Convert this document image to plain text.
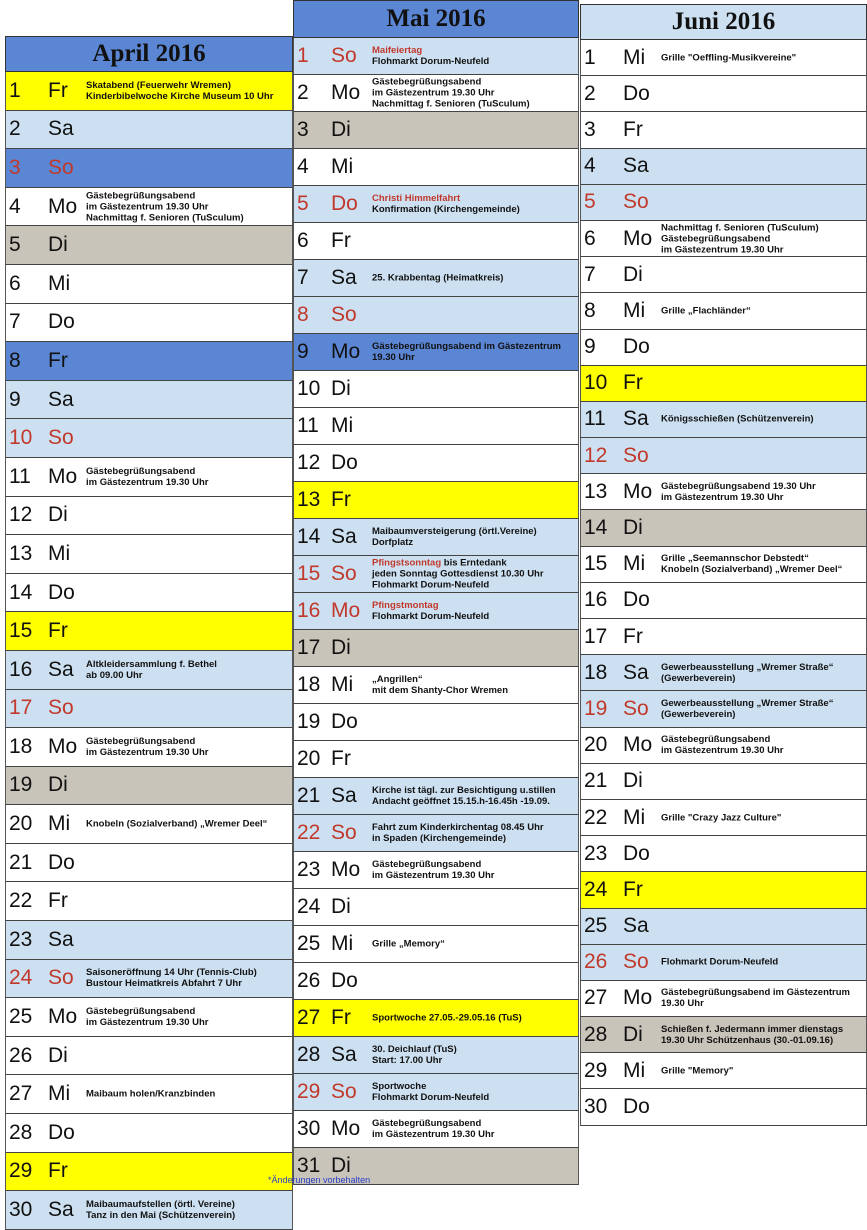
April 2016
1 Fr Skatabend (Feuerwehr Wremen)
Kinderbibelwoche Kirche Museum 10 Uhr
2 Sa
3 So
4 Mo Gästebegrüßungsabend
im Gästezentrum 19.30 Uhr
Nachmittag f. Senioren (TuSculum)
5 Di
6 Mi
7 Do
8 Fr
9 Sa
10 So
11 Mo Gästebegrüßungsabend
im Gästezentrum 19.30 Uhr
12 Di
13 Mi
14 Do
15 Fr
16 Sa Altkleidersammlung f. Bethel
ab 09.00 Uhr
17 So
18 Mo Gästebegrüßungsabend
im Gästezentrum 19.30 Uhr
19 Di
20 Mi Knobeln (Sozialverband) „Wremer Deel“
21 Do
22 Fr
23 Sa
24 So Saisoneröffnung 14 Uhr (Tennis-Club)
Bustour Heimatkreis Abfahrt 7 Uhr
25 Mo Gästebegrüßungsabend
im Gästezentrum 19.30 Uhr
26 Di
27 Mi Maibaum holen/Kranzbinden
28 Do
29 Fr
30 Sa Maibaumaufstellen (örtl. Vereine)
Tanz in den Mai (Schützenverein)
Mai 2016
1 So Maifeiertag
Flohmarkt Dorum-Neufeld
2 Mo Gästebegrüßungsabend
im Gästezentrum 19.30 Uhr
Nachmittag f. Senioren (TuSculum)
3 Di
4 Mi
5 Do Christi Himmelfahrt
Konfirmation (Kirchengemeinde)
6 Fr
7 Sa 25. Krabbentag (Heimatkreis)
8 So
9 Mo Gästebegrüßungsabend im Gästezentrum
19.30 Uhr
10 Di
11 Mi
12 Do
13 Fr
14 Sa Maibaumversteigerung (örtl.Vereine)
Dorfplatz
15 So Pfingstsonntag bis Erntedank
jeden Sonntag Gottesdienst 10.30 Uhr
Flohmarkt Dorum-Neufeld
16 Mo Pfingstmontag
Flohmarkt Dorum-Neufeld
17 Di
18 Mi „Angrillen“
mit dem Shanty-Chor Wremen
19 Do
20 Fr
21 Sa Kirche ist tägl. zur Besichtigung u.stillen
Andacht geöffnet 15.15.h-16.45h -19.09.
22 So Fahrt zum Kinderkirchentag 08.45 Uhr
in Spaden (Kirchengemeinde)
23 Mo Gästebegrüßungsabend
im Gästezentrum 19.30 Uhr
24 Di
25 Mi Grille „Memory“
26 Do
27 Fr Sportwoche 27.05.-29.05.16 (TuS)
28 Sa 30. Deichlauf (TuS)
Start: 17.00 Uhr
29 So Sportwoche
Flohmarkt Dorum-Neufeld
30 Mo Gästebegrüßungsabend
im Gästezentrum 19.30 Uhr
31 Di
Juni 2016
1 Mi Grille "Oeffling-Musikvereine"
2 Do
3 Fr
4 Sa
5 So
6 Mo Nachmittag f. Senioren (TuSculum)
Gästebegrüßungsabend
im Gästezentrum 19.30 Uhr
7 Di
8 Mi Grille „Flachländer“
9 Do
10 Fr
11 Sa Königsschießen (Schützenverein)
12 So
13 Mo Gästebegrüßungsabend 19.30 Uhr
im Gästezentrum 19.30 Uhr
14 Di
15 Mi Grille „Seemannschor Debstedt“
Knobeln (Sozialverband) „Wremer Deel“
16 Do
17 Fr
18 Sa Gewerbeausstellung „Wremer Straße“
(Gewerbeverein)
19 So Gewerbeausstellung „Wremer Straße“
(Gewerbeverein)
20 Mo Gästebegrüßungsabend
im Gästezentrum 19.30 Uhr
21 Di
22 Mi Grille "Crazy Jazz Culture"
23 Do
24 Fr
25 Sa
26 So Flohmarkt Dorum-Neufeld
27 Mo Gästebegrüßungsabend im Gästezentrum
19.30 Uhr
28 Di Schießen f. Jedermann immer dienstags
19.30 Uhr Schützenhaus (30.-01.09.16)
29 Mi Grille "Memory"
30 Do
*Änderungen vorbehalten
